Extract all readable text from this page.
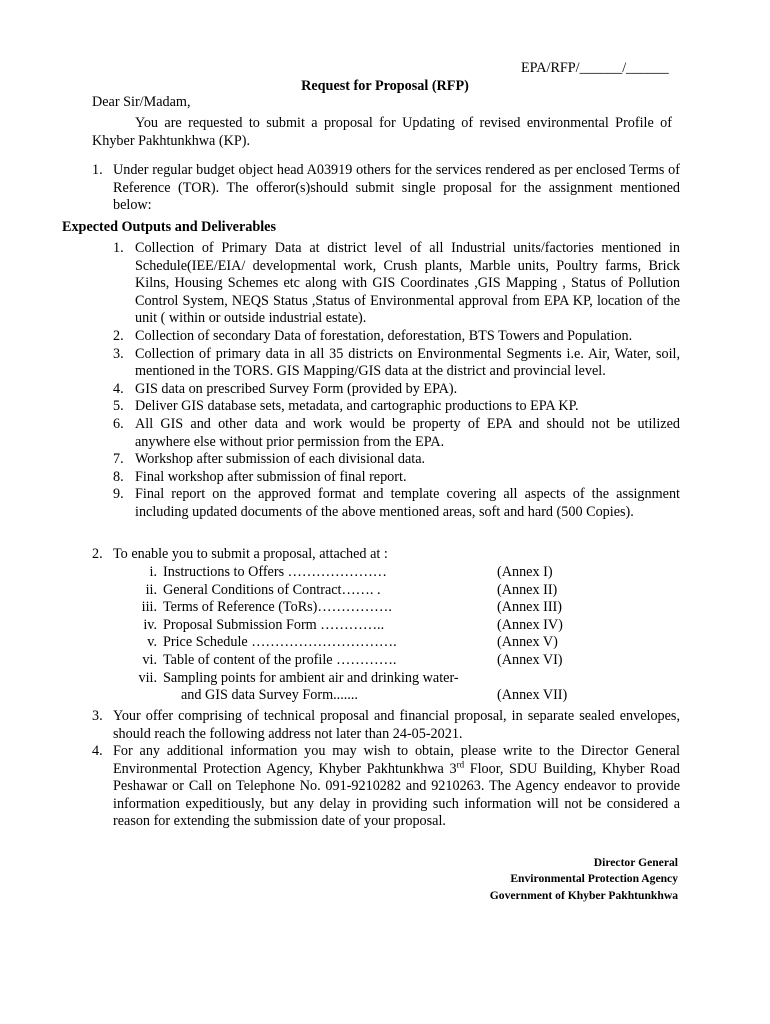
EPA/RFP/______/______
Request for Proposal (RFP)
Dear Sir/Madam,
You are requested to submit a proposal for Updating of revised environmental Profile of Khyber Pakhtunkhwa (KP).
1. Under regular budget object head A03919 others for the services rendered as per enclosed Terms of Reference (TOR). The offeror(s)should submit single proposal for the assignment mentioned below:
Expected Outputs and Deliverables
1. Collection of Primary Data at district level of all Industrial units/factories mentioned in Schedule(IEE/EIA/ developmental work, Crush plants, Marble units, Poultry farms, Brick Kilns, Housing Schemes etc along with GIS Coordinates ,GIS Mapping , Status of Pollution Control System, NEQS Status ,Status of Environmental approval from EPA KP, location of the unit ( within or outside industrial estate).
2. Collection of secondary Data of forestation, deforestation, BTS Towers and Population.
3. Collection of primary data in all 35 districts on Environmental Segments i.e. Air, Water, soil, mentioned in the TORS. GIS Mapping/GIS data at the district and provincial level.
4. GIS data on prescribed Survey Form (provided by EPA).
5. Deliver GIS database sets, metadata, and cartographic productions to EPA KP.
6. All GIS and other data and work would be property of EPA and should not be utilized anywhere else without prior permission from the EPA.
7. Workshop after submission of each divisional data.
8. Final workshop after submission of final report.
9. Final report on the approved format and template covering all aspects of the assignment including updated documents of the above mentioned areas, soft and hard (500 Copies).
2. To enable you to submit a proposal, attached at :
i. Instructions to Offers …………………	(Annex I)
ii. General Conditions of Contract……. .	(Annex II)
iii. Terms of Reference (ToRs)…………….	(Annex III)
iv. Proposal Submission Form …………..	(Annex IV)
v. Price Schedule ………………………….	(Annex V)
vi. Table of content of the profile ………….	(Annex VI)
vii. Sampling points for ambient air and drinking water-
and GIS data Survey Form.......	(Annex VII)
3. Your offer comprising of technical proposal and financial proposal, in separate sealed envelopes, should reach the following address not later than 24-05-2021.
4. For any additional information you may wish to obtain, please write to the Director General Environmental Protection Agency, Khyber Pakhtunkhwa 3rd Floor, SDU Building, Khyber Road Peshawar or Call on Telephone No. 091-9210282 and 9210263. The Agency endeavor to provide information expeditiously, but any delay in providing such information will not be considered a reason for extending the submission date of your proposal.
Director General
Environmental Protection Agency
Government of Khyber Pakhtunkhwa
